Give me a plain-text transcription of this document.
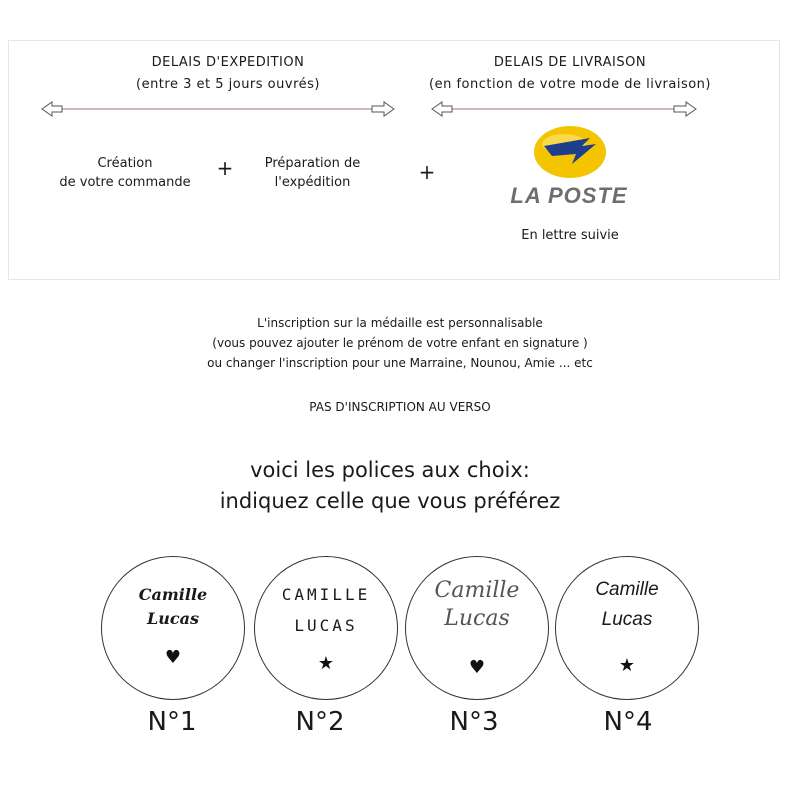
DELAIS D'EXPEDITION
(entre 3 et 5 jours ouvrés)
DELAIS DE LIVRAISON
(en fonction de votre mode de livraison)
Création
de votre commande
+	Préparation de
l'expédition	+
LA POSTE
En lettre suivie
L'inscription sur la médaille est personnalisable
(vous pouvez ajouter le prénom de votre enfant en signature )
ou changer l'inscription pour une Marraine, Nounou, Amie ... etc
PAS D'INSCRIPTION AU VERSO
voici les polices aux choix:
indiquez celle que vous préférez
Camille
Lucas
♥
CAMILLE
LUCAS
★
Camille
Lucas
♥
Camille
Lucas
★
N°1	N°2	N°3	N°4
